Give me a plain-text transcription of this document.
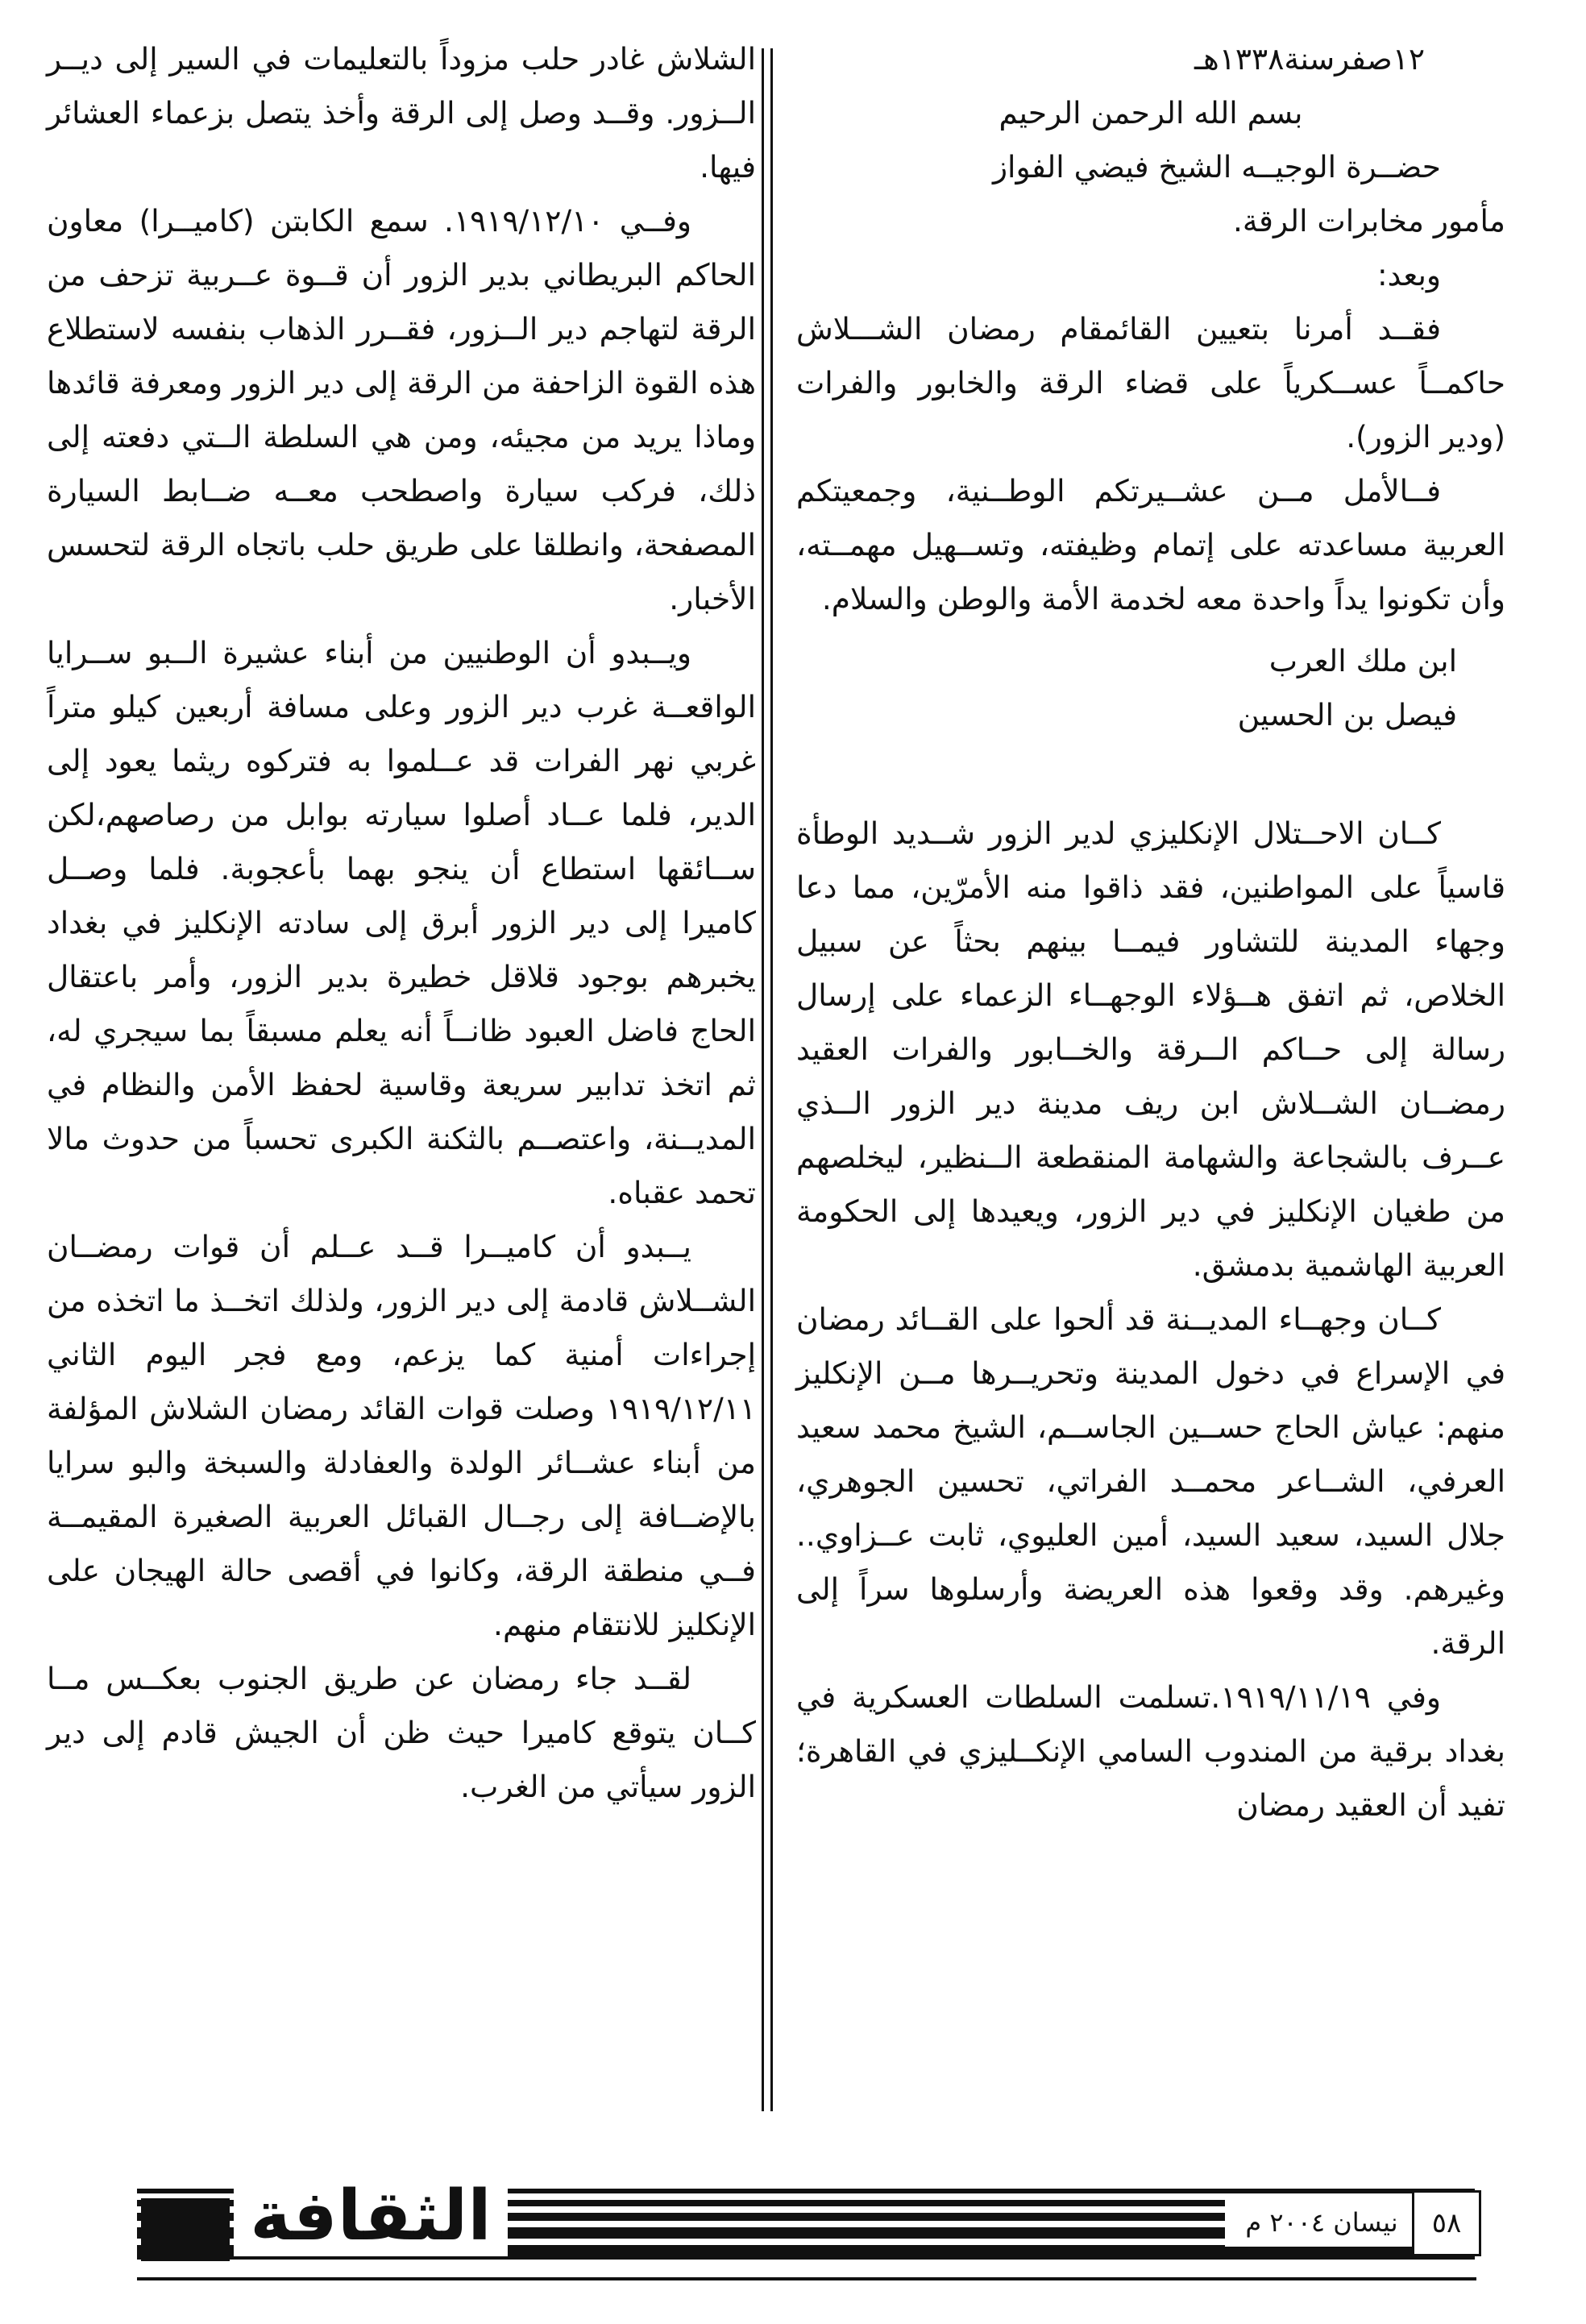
١٢صفرسنة١٣٣٨هـ

بسم الله الرحمن الرحيم

حضــرة الوجيــه الشيخ فيضي الفواز

مأمور مخابرات الرقة.

وبعد:

فقــد أمرنا بتعيين القائمقام رمضان الشـــلاش حاكمــاً عســكرياً على قضاء الرقة والخابور والفرات (ودير الزور).

فــالأمل مــن عشــيرتكم الوطــنية، وجمعيتكم العربية مساعدته على إتمام وظيفته، وتســهيل مهمــته، وأن تكونوا يداً واحدة معه لخدمة الأمة والوطن والسلام.

ابن ملك العرب

فيصل بن الحسين

كــان الاحــتلال الإنكليزي لدير الزور شــديد الوطأة قاسياً على المواطنين، فقد ذاقوا منه الأمرّين، مما دعا وجهاء المدينة للتشاور فيمــا بينهم بحثاً عن سبيل الخلاص، ثم اتفق هــؤلاء الوجهــاء الزعماء على إرسال رسالة إلى حــاكم الــرقة والخــابور والفرات العقيد رمضــان الشــلاش ابن ريف مدينة دير الزور الــذي عــرف بالشجاعة والشهامة المنقطعة الــنظير، ليخلصهم من طغيان الإنكليز في دير الزور، ويعيدها إلى الحكومة العربية الهاشمية بدمشق.

كــان وجهــاء المديــنة قد ألحوا على القــائد رمضان في الإسراع في دخول المدينة وتحريــرها مــن الإنكليز منهم: عياش الحاج حســين الجاســم، الشيخ محمد سعيد العرفي، الشــاعر محمــد الفراتي، تحسين الجوهري، جلال السيد، سعيد السيد، أمين العليوي، ثابت عــزاوي.. وغيرهم. وقد وقعوا هذه العريضة وأرسلوها سراً إلى الرقة.

وفي ١٩١٩/١١/١٩.تسلمت السلطات العسكرية في بغداد برقية من المندوب السامي الإنكــليزي في القاهرة؛ تفيد أن العقيد رمضان

الشلاش غادر حلب مزوداً بالتعليمات في السير إلى ديــر الــزور. وقــد وصل إلى الرقة وأخذ يتصل بزعماء العشائر فيها.

وفــي ١٩١٩/١٢/١٠. سمع الكابتن (كاميــرا) معاون الحاكم البريطاني بدير الزور أن قــوة عــربية تزحف من الرقة لتهاجم دير الــزور، فقــرر الذهاب بنفسه لاستطلاع هذه القوة الزاحفة من الرقة إلى دير الزور ومعرفة قائدها وماذا يريد من مجيئه، ومن هي السلطة الــتي دفعته إلى ذلك، فركب سيارة واصطحب معــه ضــابط السيارة المصفحة، وانطلقا على طريق حلب باتجاه الرقة لتحسس الأخبار.

ويــبدو أن الوطنيين من أبناء عشيرة الــبو ســرايا الواقعــة غرب دير الزور وعلى مسافة أربعين كيلو متراً غربي نهر الفرات قد عــلموا به فتركوه ريثما يعود إلى الدير، فلما عــاد أصلوا سيارته بوابل من رصاصهم،لكن ســائقها استطاع أن ينجو بهما بأعجوبة. فلما وصــل كاميرا إلى دير الزور أبرق إلى سادته الإنكليز في بغداد يخبرهم بوجود قلاقل خطيرة بدير الزور، وأمر باعتقال الحاج فاضل العبود ظانــاً أنه يعلم مسبقاً بما سيجري له، ثم اتخذ تدابير سريعة وقاسية لحفظ الأمن والنظام في المديــنة، واعتصــم بالثكنة الكبرى تحسباً من حدوث مالا تحمد عقباه.

يــبدو أن كاميــرا قــد عــلم أن قوات رمضــان الشــلاش قادمة إلى دير الزور، ولذلك اتخــذ ما اتخذه من إجراءات أمنية كما يزعم، ومع فجر اليوم الثاني ١٩١٩/١٢/١١ وصلت قوات القائد رمضان الشلاش المؤلفة من أبناء عشــائر الولدة والعفادلة والسبخة والبو سرايا بالإضــافة إلى رجــال القبائل العربية الصغيرة المقيمــة فــي منطقة الرقة، وكانوا في أقصى حالة الهيجان على الإنكليز للانتقام منهم.

لقــد جاء رمضان عن طريق الجنوب بعكــس مــا كــان يتوقع كاميرا حيث ظن أن الجيش قادم إلى دير الزور سيأتي من الغرب.

الثقافة	نيسان ٢٠٠٤ م	٥٨
